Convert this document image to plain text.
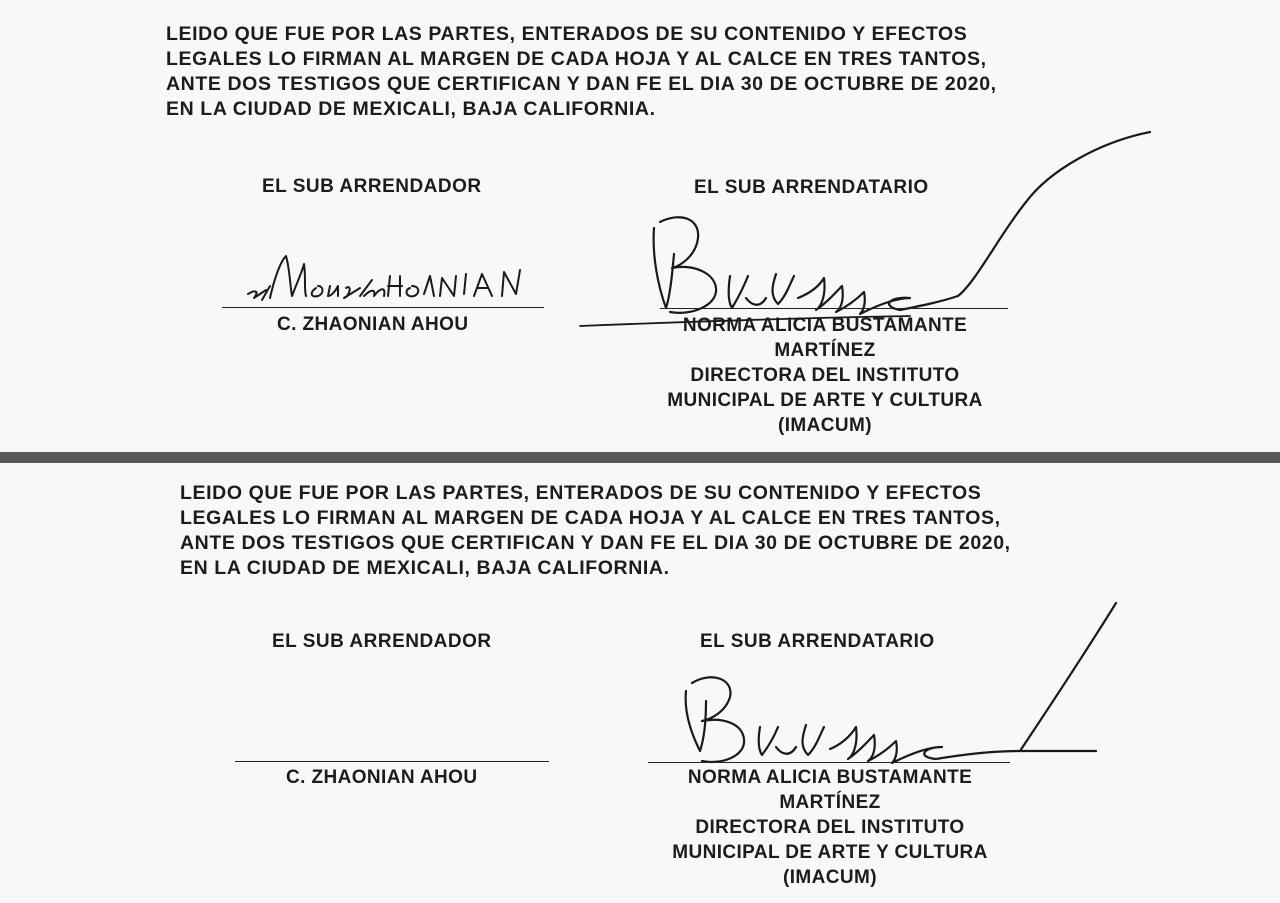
LEIDO QUE FUE POR LAS PARTES, ENTERADOS DE SU CONTENIDO Y EFECTOS
LEGALES LO FIRMAN AL MARGEN DE CADA HOJA Y AL CALCE EN TRES TANTOS,
ANTE DOS TESTIGOS QUE CERTIFICAN Y DAN FE EL DIA 30 DE OCTUBRE DE 2020,
EN LA CIUDAD DE MEXICALI, BAJA CALIFORNIA.

EL SUB ARRENDADOR	EL SUB ARRENDATARIO

C. ZHAONIAN AHOU	NORMA ALICIA BUSTAMANTE
MARTÍNEZ
DIRECTORA DEL INSTITUTO
MUNICIPAL DE ARTE Y CULTURA
(IMACUM)

LEIDO QUE FUE POR LAS PARTES, ENTERADOS DE SU CONTENIDO Y EFECTOS
LEGALES LO FIRMAN AL MARGEN DE CADA HOJA Y AL CALCE EN TRES TANTOS,
ANTE DOS TESTIGOS QUE CERTIFICAN Y DAN FE EL DIA 30 DE OCTUBRE DE 2020,
EN LA CIUDAD DE MEXICALI, BAJA CALIFORNIA.

EL SUB ARRENDADOR	EL SUB ARRENDATARIO

C. ZHAONIAN AHOU	NORMA ALICIA BUSTAMANTE
MARTÍNEZ
DIRECTORA DEL INSTITUTO
MUNICIPAL DE ARTE Y CULTURA
(IMACUM)
